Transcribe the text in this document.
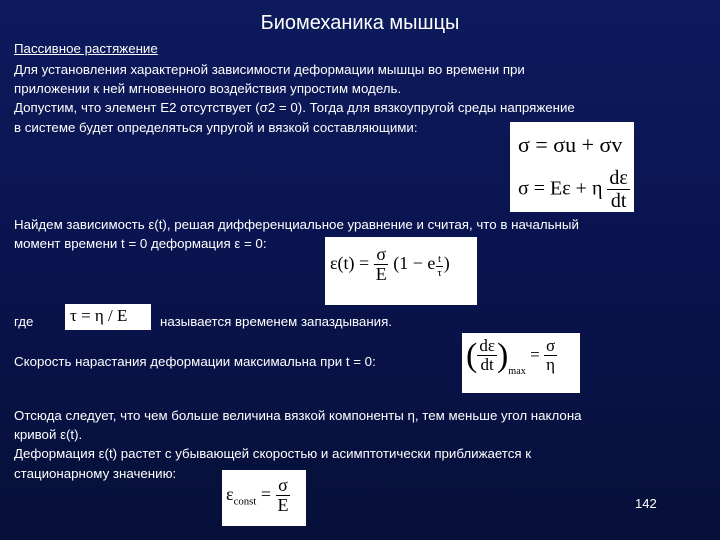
Биомеханика мышцы
Пассивное растяжение
Для установления характерной зависимости деформации мышцы во времени при
приложении к ней мгновенного воздействия упростим модель.
Допустим, что элемент E2 отсутствует (σ2 = 0). Тогда для вязкоупругой среды напряжение
в системе будет определяться упругой и вязкой составляющими:
σ = σu + σv
σ = Eε + η $\frac{d\varepsilon}{dt}$
Найдем зависимость ε(t), решая дифференциальное уравнение и считая, что в начальный
момент времени t = 0 деформация ε = 0:
$\varepsilon(t) = \frac{\sigma}{E} (1 - e \frac{t}{\tau}$ )
где τ = η / E называется временем запаздывания.
Скорость нарастания деформации максимальна при t = 0:	( $\frac{d\varepsilon}{dt} )_{max} = \frac{\sigma}{\eta}$
Отсюда следует, что чем больше величина вязкой компоненты η, тем меньше угол наклона
кривой ε(t).
Деформация ε(t) растет с убывающей скоростью и асимптотически приближается к
стационарному значению:
$\varepsilon_{const} = \frac{\sigma}{E}$	142
